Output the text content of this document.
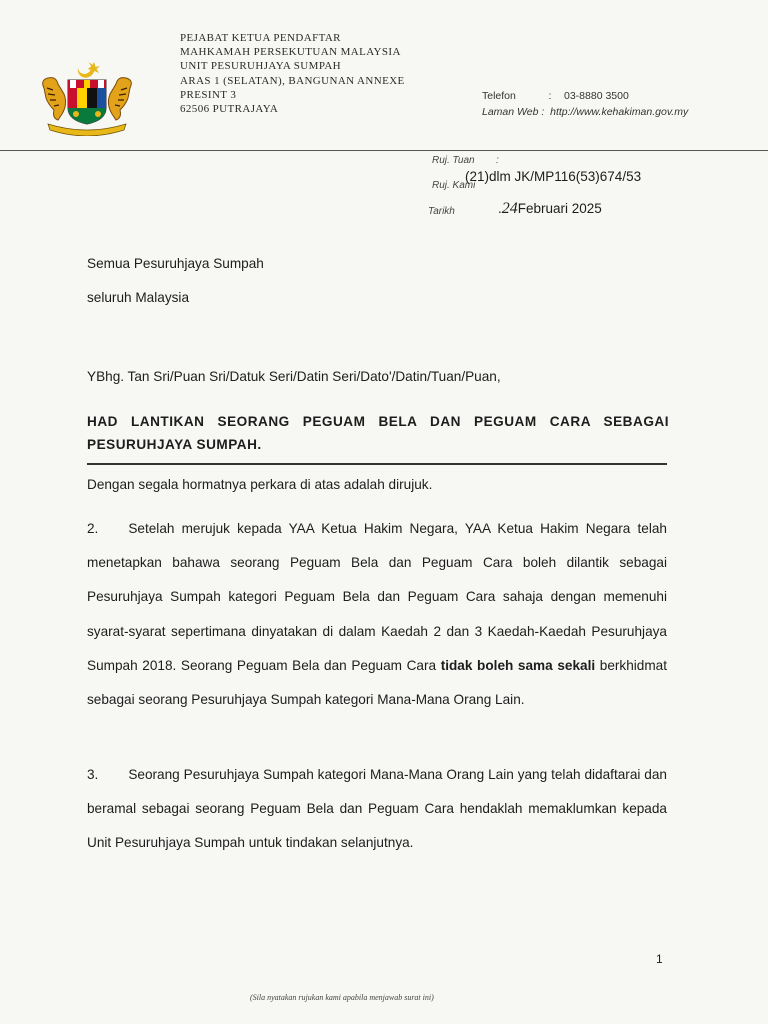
PEJABAT KETUA PENDAFTAR
MAHKAMAH PERSEKUTUAN MALAYSIA
UNIT PESURUHJAYA SUMPAH
ARAS 1 (SELATAN), BANGUNAN ANNEXE
PRESINT 3
62506 PUTRAJAYA
Telefon	: 03-8880 3500
Laman Web : http://www.kehakiman.gov.my
Ruj. Tuan :
Ruj. Kami
(21)dlm JK/MP116(53)674/53
Tarikh	.24Februari 2025
Semua Pesuruhjaya Sumpah
seluruh Malaysia
YBhg. Tan Sri/Puan Sri/Datuk Seri/Datin Seri/Dato'/Datin/Tuan/Puan,
HAD LANTIKAN SEORANG PEGUAM BELA DAN PEGUAM CARA SEBAGAI PESURUHJAYA SUMPAH.
Dengan segala hormatnya perkara di atas adalah dirujuk.
2. Setelah merujuk kepada YAA Ketua Hakim Negara, YAA Ketua Hakim Negara telah menetapkan bahawa seorang Peguam Bela dan Peguam Cara boleh dilantik sebagai Pesuruhjaya Sumpah kategori Peguam Bela dan Peguam Cara sahaja dengan memenuhi syarat-syarat sepertimana dinyatakan di dalam Kaedah 2 dan 3 Kaedah-Kaedah Pesuruhjaya Sumpah 2018. Seorang Peguam Bela dan Peguam Cara tidak boleh sama sekali berkhidmat sebagai seorang Pesuruhjaya Sumpah kategori Mana-Mana Orang Lain.
3. Seorang Pesuruhjaya Sumpah kategori Mana-Mana Orang Lain yang telah didaftarai dan beramal sebagai seorang Peguam Bela dan Peguam Cara hendaklah memaklumkan kepada Unit Pesuruhjaya Sumpah untuk tindakan selanjutnya.
1
(Sila nyatakan rujukan kami apabila menjawab surat ini)
